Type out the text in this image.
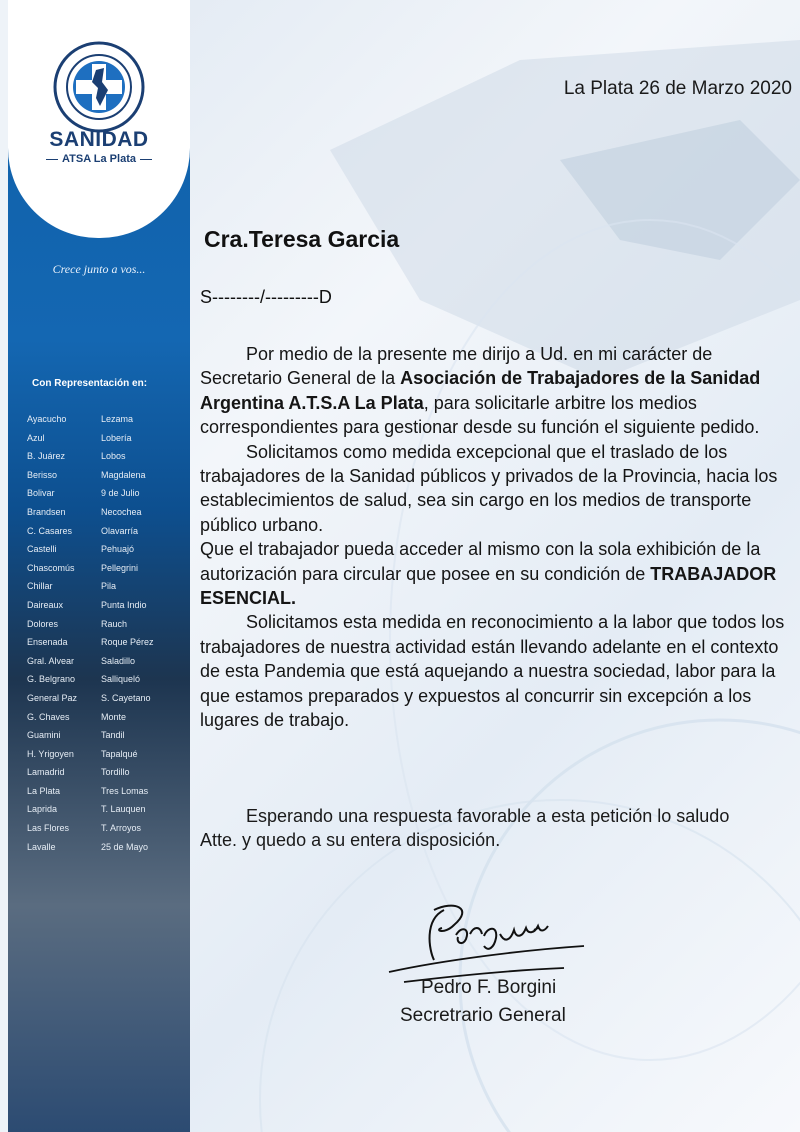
SANIDAD
ATSA La Plata
Crece junto a vos...
Con Representación en:
Ayacucho	Lezama
Azul	Lobería
B. Juárez	Lobos
Berisso	Magdalena
Bolivar	9 de Julio
Brandsen	Necochea
C. Casares	Olavarría
Castelli	Pehuajó
Chascomús	Pellegrini
Chillar	Pila
Daireaux	Punta Indio
Dolores	Rauch
Ensenada	Roque Pérez
Gral. Alvear	Saladillo
G. Belgrano	Salliqueló
General Paz	S. Cayetano
G. Chaves	Monte
Guamini	Tandil
H. Yrigoyen	Tapalqué
Lamadrid	Tordillo
La Plata	Tres Lomas
Laprida	T. Lauquen
Las Flores	T. Arroyos
Lavalle	25 de Mayo
La Plata 26 de Marzo 2020
Cra.Teresa Garcia
S--------/---------D

Por medio de la presente me dirijo a Ud. en mi carácter de Secretario General de la Asociación de Trabajadores de la Sanidad Argentina A.T.S.A La Plata, para solicitarle arbitre los medios correspondientes para gestionar desde su función el siguiente pedido.

Solicitamos como medida excepcional que el traslado de los trabajadores de la Sanidad públicos y privados de la Provincia, hacia los establecimientos de salud, sea sin cargo en los medios de transporte público urbano.

Que el trabajador pueda acceder al mismo con la sola exhibición de la autorización para circular que posee en su condición de TRABAJADOR ESENCIAL.

Solicitamos esta medida en reconocimiento a la labor que todos los trabajadores de nuestra actividad están llevando adelante en el contexto de esta Pandemia que está aquejando a nuestra sociedad, labor para la que estamos preparados y expuestos al concurrir sin excepción a los lugares de trabajo.

Esperando una respuesta favorable a esta petición lo saludo
Atte. y quedo a su entera disposición.
Pedro F. Borgini
Secretrario General
